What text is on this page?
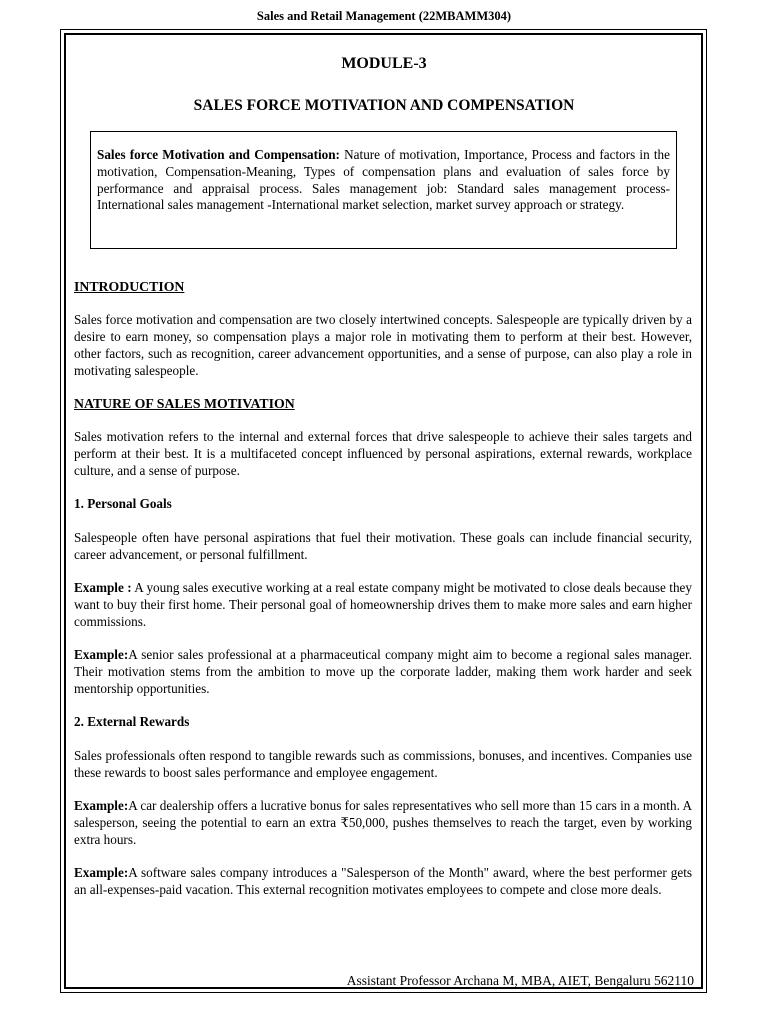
Sales and Retail Management (22MBAMM304)
MODULE-3
SALES FORCE MOTIVATION AND COMPENSATION
Sales force Motivation and Compensation: Nature of motivation, Importance, Process and factors in the motivation, Compensation-Meaning, Types of compensation plans and evaluation of sales force by performance and appraisal process. Sales management job: Standard sales management process-International sales management -International market selection, market survey approach or strategy.

INTRODUCTION

Sales force motivation and compensation are two closely intertwined concepts. Salespeople are typically driven by a desire to earn money, so compensation plays a major role in motivating them to perform at their best. However, other factors, such as recognition, career advancement opportunities, and a sense of purpose, can also play a role in motivating salespeople.

NATURE OF SALES MOTIVATION

Sales motivation refers to the internal and external forces that drive salespeople to achieve their sales targets and perform at their best. It is a multifaceted concept influenced by personal aspirations, external rewards, workplace culture, and a sense of purpose.

1. Personal Goals

Salespeople often have personal aspirations that fuel their motivation. These goals can include financial security, career advancement, or personal fulfillment.

Example : A young sales executive working at a real estate company might be motivated to close deals because they want to buy their first home. Their personal goal of homeownership drives them to make more sales and earn higher commissions.

Example:A senior sales professional at a pharmaceutical company might aim to become a regional sales manager. Their motivation stems from the ambition to move up the corporate ladder, making them work harder and seek mentorship opportunities.

2. External Rewards

Sales professionals often respond to tangible rewards such as commissions, bonuses, and incentives. Companies use these rewards to boost sales performance and employee engagement.

Example:A car dealership offers a lucrative bonus for sales representatives who sell more than 15 cars in a month. A salesperson, seeing the potential to earn an extra ₹50,000, pushes themselves to reach the target, even by working extra hours.

Example:A software sales company introduces a "Salesperson of the Month" award, where the best performer gets an all-expenses-paid vacation. This external recognition motivates employees to compete and close more deals.

Assistant Professor Archana M, MBA, AIET, Bengaluru 562110
